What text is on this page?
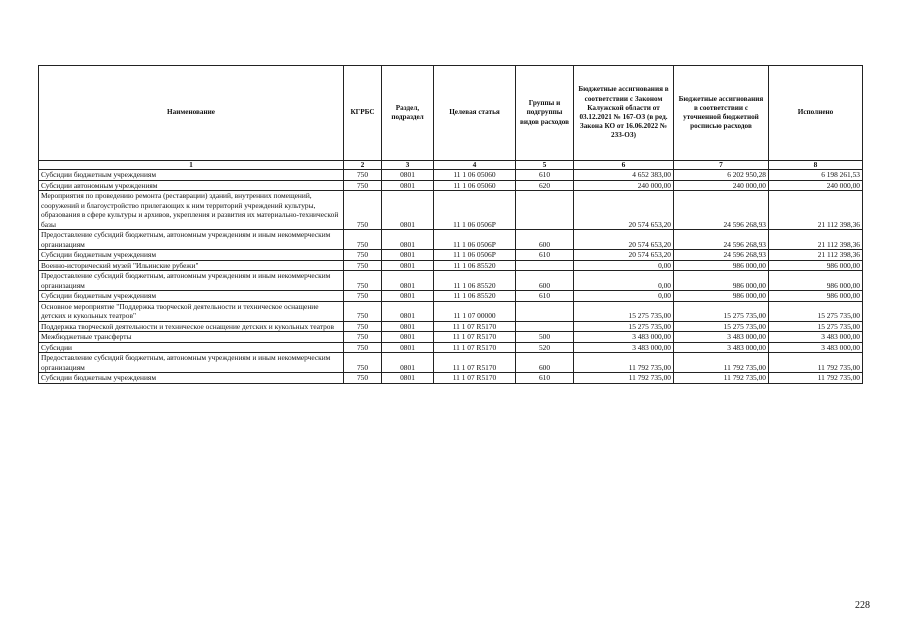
Наименование	КГРБС	Раздел, подраздел	Целевая статья	Группы и подгруппы видов расходов	Бюджетные ассигнования в соответствии с Законом Калужской области от 03.12.2021 № 167-ОЗ (в ред. Закона КО от 16.06.2022 № 233-ОЗ)	Бюджетные ассигнования в соответствии с уточненной бюджетной росписью расходов	Исполнено
1	2	3	4	5	6	7	8
Субсидии бюджетным учреждениям	750	0801	11 1 06 05060	610	4 652 383,00	6 202 950,28	6 198 261,53
Субсидии автономным учреждениям	750	0801	11 1 06 05060	620	240 000,00	240 000,00	240 000,00
Мероприятия по проведению ремонта (реставрации) зданий, внутренних помещений, сооружений и благоустройство прилегающих к ним территорий учреждений культуры, образования в сфере культуры и архивов, укрепления и развития их материально-технической базы	750	0801	11 1 06 0506Р		20 574 653,20	24 596 268,93	21 112 398,36
Предоставление субсидий бюджетным, автономным учреждениям и иным некоммерческим организациям	750	0801	11 1 06 0506Р	600	20 574 653,20	24 596 268,93	21 112 398,36
Субсидии бюджетным учреждениям	750	0801	11 1 06 0506Р	610	20 574 653,20	24 596 268,93	21 112 398,36
Военно-исторический музей "Ильинские рубежи"	750	0801	11 1 06 85520		0,00	986 000,00	986 000,00
Предоставление субсидий бюджетным, автономным учреждениям и иным некоммерческим организациям	750	0801	11 1 06 85520	600	0,00	986 000,00	986 000,00
Субсидии бюджетным учреждениям	750	0801	11 1 06 85520	610	0,00	986 000,00	986 000,00
Основное мероприятие "Поддержка творческой деятельности и техническое оснащение детских и кукольных театров"	750	0801	11 1 07 00000		15 275 735,00	15 275 735,00	15 275 735,00
Поддержка творческой деятельности и техническое оснащение детских и кукольных театров	750	0801	11 1 07 R5170		15 275 735,00	15 275 735,00	15 275 735,00
Межбюджетные трансферты	750	0801	11 1 07 R5170	500	3 483 000,00	3 483 000,00	3 483 000,00
Субсидии	750	0801	11 1 07 R5170	520	3 483 000,00	3 483 000,00	3 483 000,00
Предоставление субсидий бюджетным, автономным учреждениям и иным некоммерческим организациям	750	0801	11 1 07 R5170	600	11 792 735,00	11 792 735,00	11 792 735,00
Субсидии бюджетным учреждениям	750	0801	11 1 07 R5170	610	11 792 735,00	11 792 735,00	11 792 735,00
228
